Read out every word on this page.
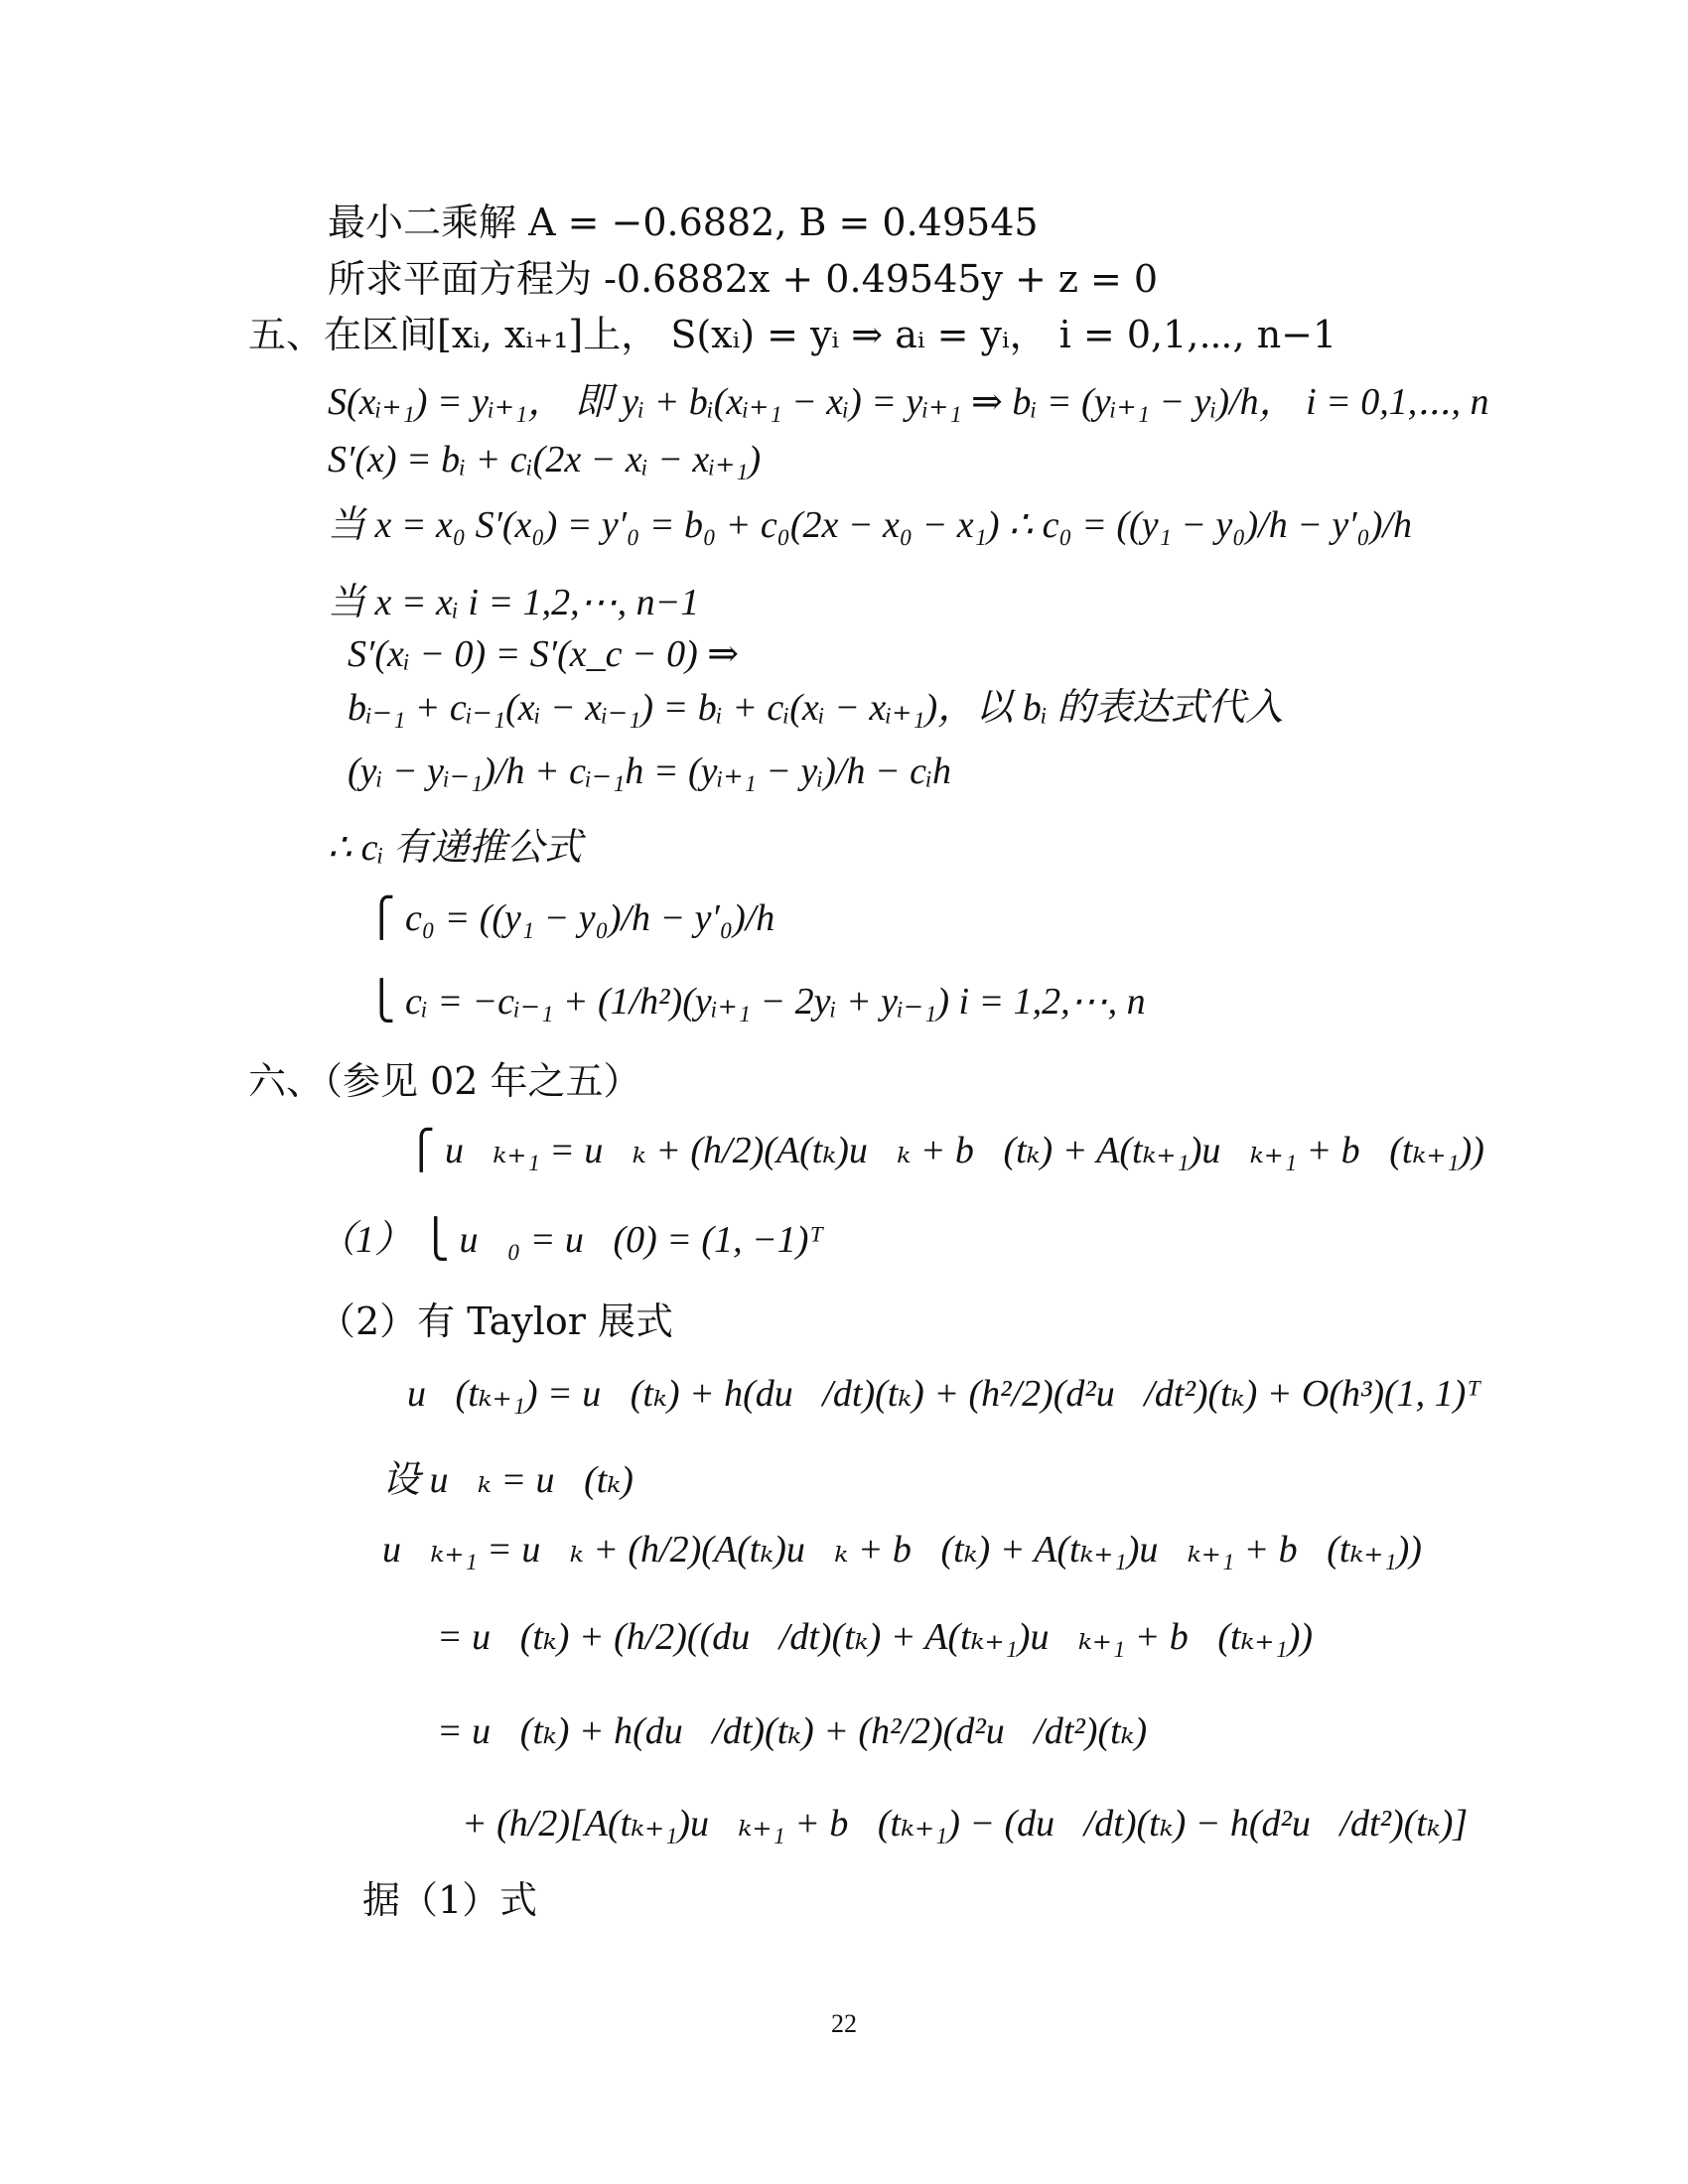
最小二乘解 A = −0.6882, B = 0.49545
所求平面方程为 -0.6882x + 0.49545y + z = 0
五、在区间[xᵢ, xᵢ₊₁]上， S(xᵢ) = yᵢ ⇒ aᵢ = yᵢ， i = 0,1,⋯, n−1
S(xᵢ₊₁) = yᵢ₊₁， 即 yᵢ + bᵢ(xᵢ₊₁ − xᵢ) = yᵢ₊₁ ⇒ bᵢ = (yᵢ₊₁ − yᵢ)/h， i = 0,1,⋯, n
S′(x) = bᵢ + cᵢ(2x − xᵢ − xᵢ₊₁)
当 x = x₀ S′(x₀) = y′₀ = b₀ + c₀(2x − x₀ − x₁) ∴ c₀ = ((y₁ − y₀)/h − y′₀)/h
当 x = xᵢ i = 1,2,⋯, n−1
S′(xᵢ − 0) = S′(x_c − 0) ⇒
bᵢ₋₁ + cᵢ₋₁(xᵢ − xᵢ₋₁) = bᵢ + cᵢ(xᵢ − xᵢ₊₁)，以 bᵢ 的表达式代入
(yᵢ − yᵢ₋₁)/h + cᵢ₋₁h = (yᵢ₊₁ − yᵢ)/h − cᵢh
∴ cᵢ 有递推公式
⎧ c₀ = ((y₁ − y₀)/h − y′₀)/h
⎩ cᵢ = −cᵢ₋₁ + (1/h²)(yᵢ₊₁ − 2yᵢ + yᵢ₋₁) i = 1,2,⋯, n
六、（参见 02 年之五）
⎧ u⃗ₖ₊₁ = u⃗ₖ + (h/2)(A(tₖ)u⃗ₖ + b⃗(tₖ) + A(tₖ₊₁)u⃗ₖ₊₁ + b⃗(tₖ₊₁))
（1） ⎩ u⃗₀ = u⃗(0) = (1, −1)ᵀ
（2）有 Taylor 展式
u⃗(tₖ₊₁) = u⃗(tₖ) + h(du⃗/dt)(tₖ) + (h²/2)(d²u⃗/dt²)(tₖ) + O(h³)(1, 1)ᵀ
设 u⃗ₖ = u⃗(tₖ)
u⃗ₖ₊₁ = u⃗ₖ + (h/2)(A(tₖ)u⃗ₖ + b⃗(tₖ) + A(tₖ₊₁)u⃗ₖ₊₁ + b⃗(tₖ₊₁))
= u⃗(tₖ) + (h/2)((du⃗/dt)(tₖ) + A(tₖ₊₁)u⃗ₖ₊₁ + b⃗(tₖ₊₁))
= u⃗(tₖ) + h(du⃗/dt)(tₖ) + (h²/2)(d²u⃗/dt²)(tₖ)
+ (h/2)[A(tₖ₊₁)u⃗ₖ₊₁ + b⃗(tₖ₊₁) − (du⃗/dt)(tₖ) − h(d²u⃗/dt²)(tₖ)]
据（1）式
22
